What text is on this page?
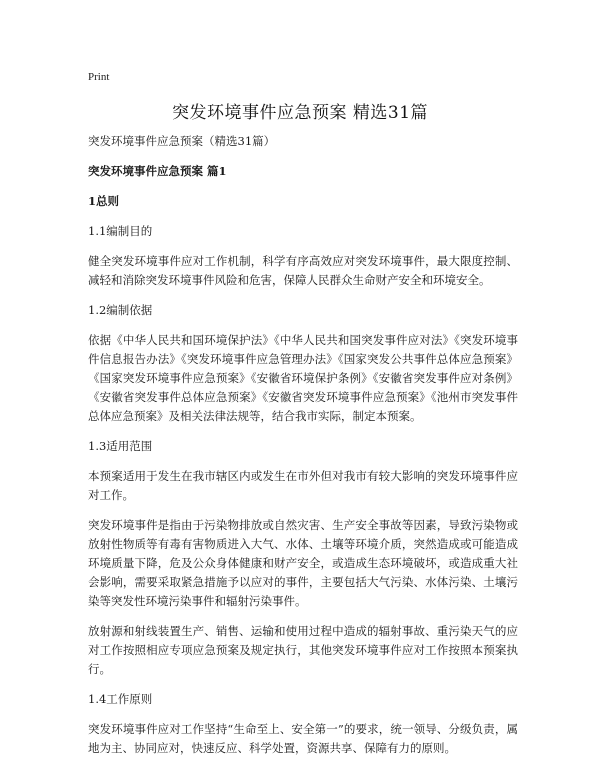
Print
突发环境事件应急预案 精选31篇

突发环境事件应急预案（精选31篇）

突发环境事件应急预案 篇1

1总则

1.1编制目的

健全突发环境事件应对工作机制，科学有序高效应对突发环境事件，最大限度控制、减轻和消除突发环境事件风险和危害，保障人民群众生命财产安全和环境安全。

1.2编制依据

依据《中华人民共和国环境保护法》《中华人民共和国突发事件应对法》《突发环境事件信息报告办法》《突发环境事件应急管理办法》《国家突发公共事件总体应急预案》《国家突发环境事件应急预案》《安徽省环境保护条例》《安徽省突发事件应对条例》《安徽省突发事件总体应急预案》《安徽省突发环境事件应急预案》《池州市突发事件总体应急预案》及相关法律法规等，结合我市实际，制定本预案。

1.3适用范围

本预案适用于发生在我市辖区内或发生在市外但对我市有较大影响的突发环境事件应对工作。

突发环境事件是指由于污染物排放或自然灾害、生产安全事故等因素，导致污染物或放射性物质等有毒有害物质进入大气、水体、土壤等环境介质，突然造成或可能造成环境质量下降，危及公众身体健康和财产安全，或造成生态环境破坏，或造成重大社会影响，需要采取紧急措施予以应对的事件，主要包括大气污染、水体污染、土壤污染等突发性环境污染事件和辐射污染事件。

放射源和射线装置生产、销售、运输和使用过程中造成的辐射事故、重污染天气的应对工作按照相应专项应急预案及规定执行，其他突发环境事件应对工作按照本预案执行。

1.4工作原则

突发环境事件应对工作坚持“生命至上、安全第一”的要求，统一领导、分级负责，属地为主、协同应对，快速反应、科学处置，资源共享、保障有力的原则。
